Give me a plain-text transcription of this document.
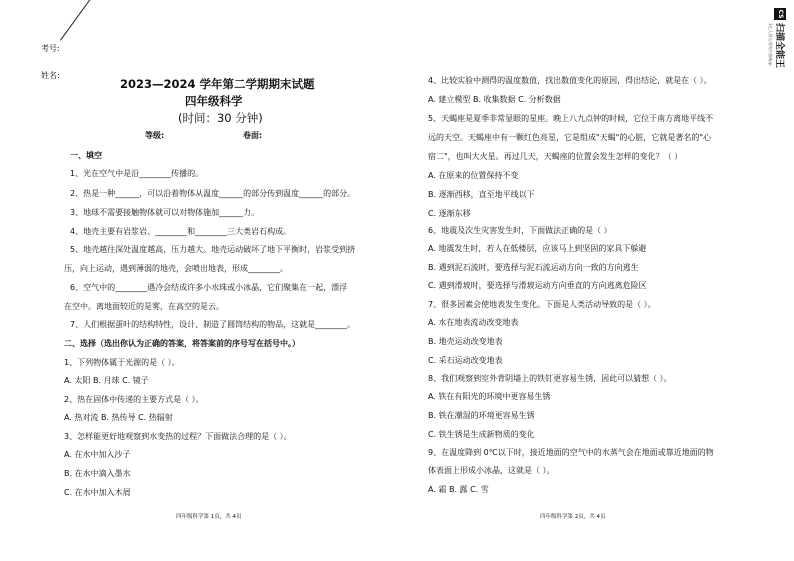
考号:
姓名:
2023—2024 学年第二学期期末试题
四年级科学
(时间：30 分钟)
等级:	卷面:
一、填空
1、光在空气中是沿________传播的。
2、热是一种______，可以沿着物体从温度______的部分传到温度______的部分。
3、地球不需要接触物体就可以对物体施加______力。
4、地壳主要有岩浆岩、________和________三大类岩石构成。
5、地壳越往深处温度越高，压力越大。地壳运动破坏了地下平衡时，岩浆受到挤
压，向上运动，遇到薄弱的地壳，会喷出地表，形成________。
6、空气中的________遇冷会结成许多小水珠或小冰晶，它们聚集在一起，漂浮
在空中。离地面较近的是雾，在高空的是云。
7、人们根据蛋叶的结构特性，设计、制造了圆筒结构的物品，这就是________。
二、选择（选出你认为正确的答案，将答案前的序号写在括号中。）
1、下列物体属于光源的是（ ）。
A. 太阳 B. 月球 C. 镜子
2、热在固体中传递的主要方式是（ ）。
A. 热对流 B. 热传导 C. 热辐射
3、怎样能更好地观察到水变热的过程？下面做法合理的是（ ）。
A. 在水中加入沙子
B. 在水中滴入墨水
C. 在水中加入木屑
四年级科学第 1页，共 4页
4、比较实验中测得的温度数值，找出数值变化的原因，得出结论，就是在（ ）。
A. 建立模型 B. 收集数据 C. 分析数据
5、天蝎座是夏季非常显眼的星座。晚上八九点钟的时候，它位于南方离地平线不
远的天空。天蝎座中有一颗红色亮星，它是组成"天蝎"的心脏，它就是著名的"心
宿二"，也叫大火星。再过几天，天蝎座的位置会发生怎样的变化？（ ）
A. 在原来的位置保持不变
B. 逐渐西移，直至地平线以下
C. 逐渐东移
6、地震及次生灾害发生时，下面做法正确的是（ ）
A. 地震发生时，若人在低楼层，应该马上到坚固的家具下躲避
B. 遇到泥石流时，要选择与泥石流运动方向一致的方向逃生
C. 遇到滑坡时，要选择与滑坡运动方向垂直的方向逃离危险区
7、很多因素会使地表发生变化。下面是人类活动导致的是（ ）。
A. 水在地表流动改变地表
B. 地壳运动改变地表
C. 采石运动改变地表
8、我们观察到室外背阴墙上的铁钉更容易生锈，因此可以猜想（ ）。
A. 铁在有阳光的环境中更容易生锈
B. 铁在潮湿的环境更容易生锈
C. 铁生锈是生成新物质的变化
9、在温度降到 0℃以下时，接近地面的空气中的水蒸气会在地面或靠近地面的物
体表面上形成小冰晶，这就是（ ）。
A. 霜 B. 露 C. 雪
四年级科学第 2页，共 4页
CS
扫描全能王
3亿人都在用的扫描App
